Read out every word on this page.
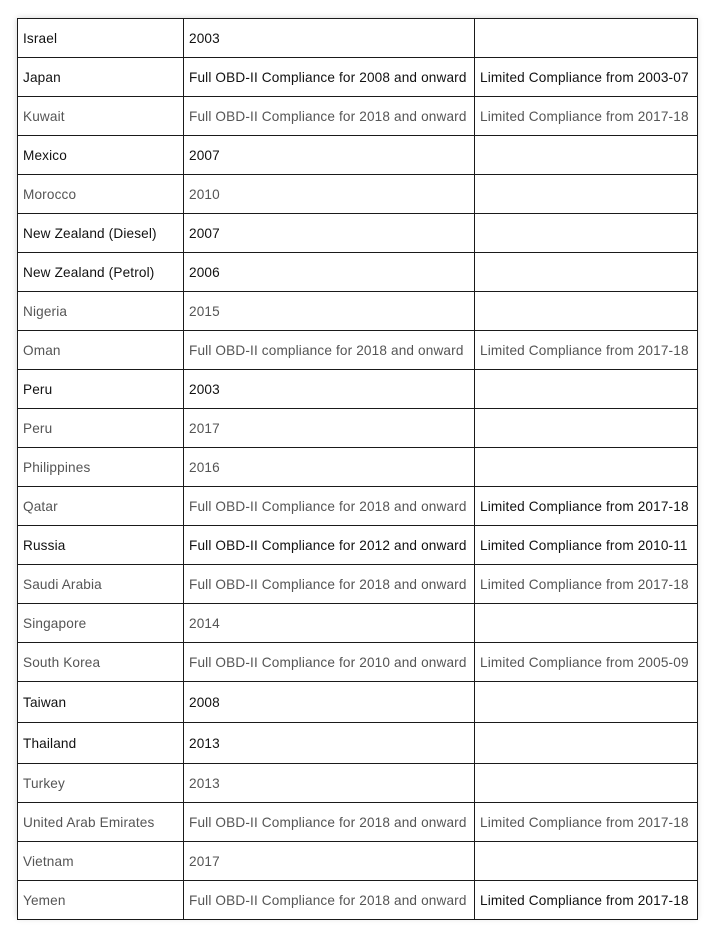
Israel	2003	
Japan	Full OBD-II Compliance for 2008 and onward	Limited Compliance from 2003-07
Kuwait	Full OBD-II Compliance for 2018 and onward	Limited Compliance from 2017-18
Mexico	2007	
Morocco	2010	
New Zealand (Diesel)	2007	
New Zealand (Petrol)	2006	
Nigeria	2015	
Oman	Full OBD-II compliance for 2018 and onward	Limited Compliance from 2017-18
Peru	2003	
Peru	2017	
Philippines	2016	
Qatar	Full OBD-II Compliance for 2018 and onward	Limited Compliance from 2017-18
Russia	Full OBD-II Compliance for 2012 and onward	Limited Compliance from 2010-11
Saudi Arabia	Full OBD-II Compliance for 2018 and onward	Limited Compliance from 2017-18
Singapore	2014	
South Korea	Full OBD-II Compliance for 2010 and onward	Limited Compliance from 2005-09
Taiwan	2008	
Thailand	2013	
Turkey	2013	
United Arab Emirates	Full OBD-II Compliance for 2018 and onward	Limited Compliance from 2017-18
Vietnam	2017	
Yemen	Full OBD-II Compliance for 2018 and onward	Limited Compliance from 2017-18
